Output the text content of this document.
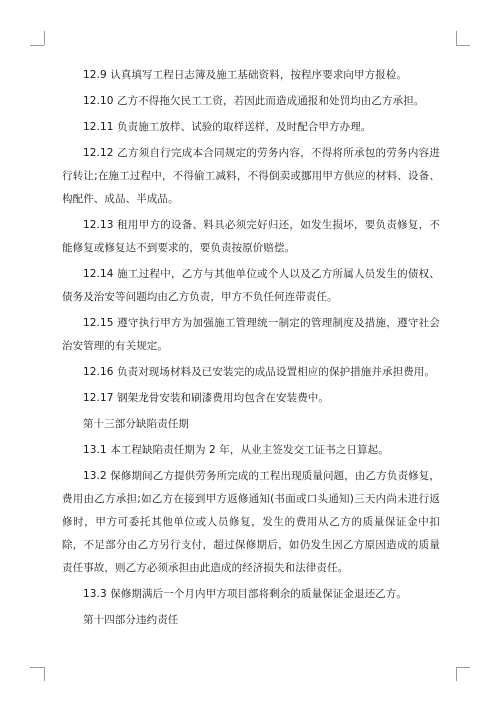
12.9 认真填写工程日志簿及施工基础资料，按程序要求向甲方报检。

12.10 乙方不得拖欠民工工资，若因此而造成通报和处罚均由乙方承担。

12.11 负责施工放样、试验的取样送样，及时配合甲方办理。

12.12 乙方须自行完成本合同规定的劳务内容，不得将所承包的劳务内容进行转让;在施工过程中，不得偷工减料，不得倒卖或挪用甲方供应的材料、设备、构配件、成品、半成品。

12.13 租用甲方的设备、料具必须完好归还，如发生损坏，要负责修复，不能修复或修复达不到要求的，要负责按原价赔偿。

12.14 施工过程中，乙方与其他单位或个人以及乙方所属人员发生的债权、债务及治安等问题均由乙方负责，甲方不负任何连带责任。

12.15 遵守执行甲方为加强施工管理统一制定的管理制度及措施，遵守社会治安管理的有关规定。

12.16 负责对现场材料及已安装完的成品设置相应的保护措施并承担费用。

12.17 钢架龙骨安装和刷漆费用均包含在安装费中。

第十三部分缺陷责任期

13.1 本工程缺陷责任期为 2 年，从业主签发交工证书之日算起。

13.2 保修期间乙方提供劳务所完成的工程出现质量问题，由乙方负责修复，费用由乙方承担;如乙方在接到甲方返修通知(书面或口头通知)三天内尚未进行返修时，甲方可委托其他单位或人员修复，发生的费用从乙方的质量保证金中扣除，不足部分由乙方另行支付，超过保修期后，如仍发生因乙方原因造成的质量责任事故，则乙方必须承担由此造成的经济损失和法律责任。

13.3 保修期满后一个月内甲方项目部将剩余的质量保证金退还乙方。

第十四部分违约责任
